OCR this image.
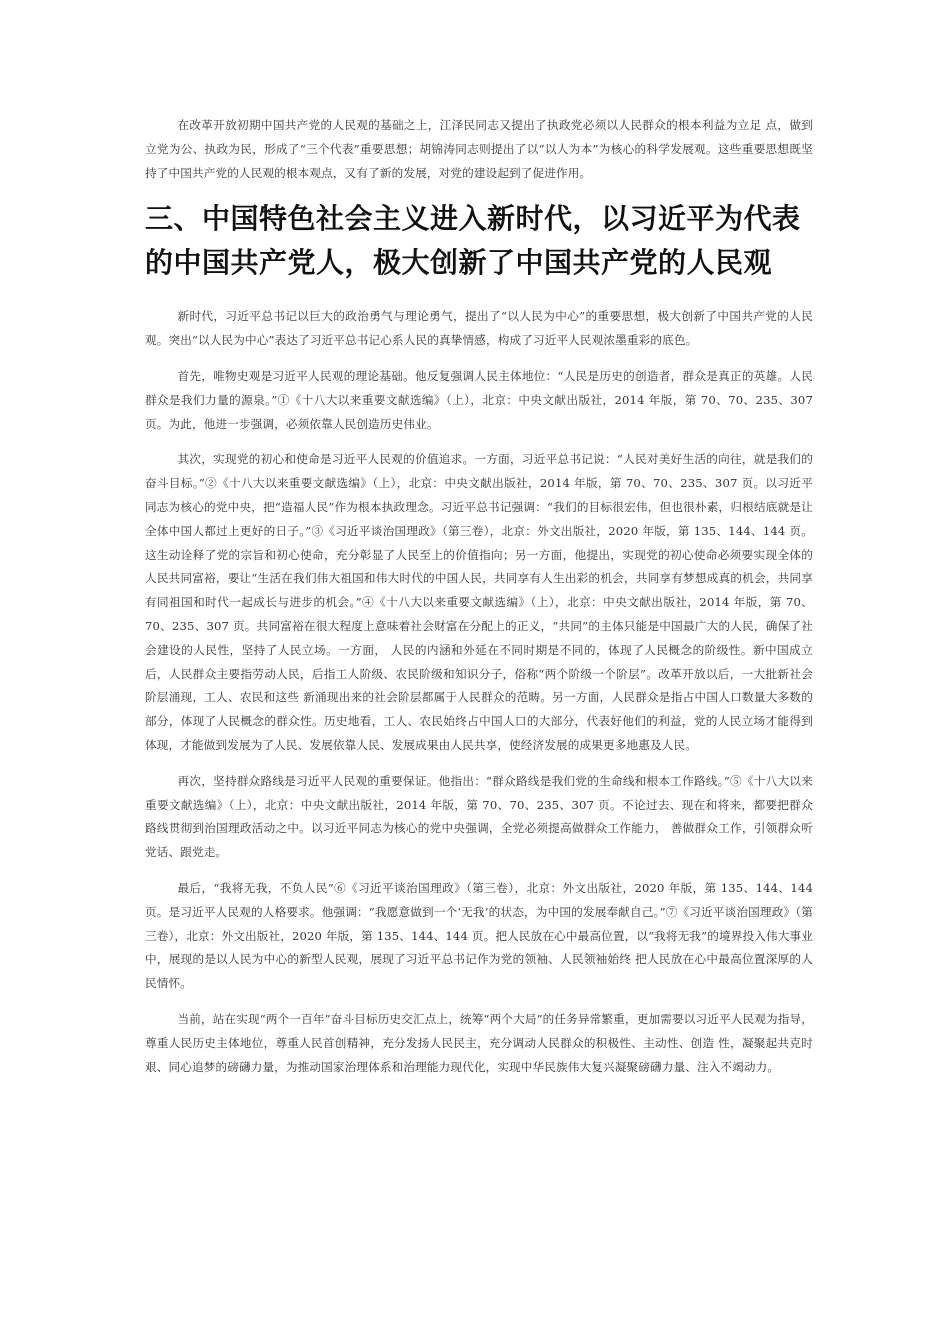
在改革开放初期中国共产党的人民观的基础之上，江泽民同志又提出了执政党必须以人民群众的根本利益为立足 点，做到立党为公、执政为民，形成了“三个代表”重要思想；胡锦涛同志则提出了以“以人为本”为核心的科学发展观。这些重要思想既坚持了中国共产党的人民观的根本观点，又有了新的发展，对党的建设起到了促进作用。

三、中国特色社会主义进入新时代，以习近平为代表的中国共产党人，极大创新了中国共产党的人民观

新时代，习近平总书记以巨大的政治勇气与理论勇气，提出了“以人民为中心”的重要思想，极大创新了中国共产党的人民观。突出“以人民为中心”表达了习近平总书记心系人民的真挚情感，构成了习近平人民观浓墨重彩的底色。

首先，唯物史观是习近平人民观的理论基础。他反复强调人民主体地位：“人民是历史的创造者，群众是真正的英雄。人民群众是我们力量的源泉。”①《十八大以来重要文献选编》（上），北京：中央文献出版社，2014 年版，第 70、70、235、307 页。为此，他进一步强调，必须依靠人民创造历史伟业。

其次，实现党的初心和使命是习近平人民观的价值追求。一方面，习近平总书记说：“人民对美好生活的向往，就是我们的奋斗目标。”②《十八大以来重要文献选编》（上），北京：中央文献出版社，2014 年版，第 70、70、235、307 页。以习近平同志为核心的党中央，把“造福人民”作为根本执政理念。习近平总书记强调：“我们的目标很宏伟，但也很朴素，归根结底就是让全体中国人都过上更好的日子。”③《习近平谈治国理政》（第三卷），北京：外文出版社，2020 年版，第 135、144、144 页。这生动诠释了党的宗旨和初心使命，充分彰显了人民至上的价值指向；另一方面，他提出，实现党的初心使命必须要实现全体的人民共同富裕，要让“生活在我们伟大祖国和伟大时代的中国人民，共同享有人生出彩的机会，共同享有梦想成真的机会，共同享有同祖国和时代一起成长与进步的机会。”④《十八大以来重要文献选编》（上），北京：中央文献出版社，2014 年版，第 70、70、235、307 页。共同富裕在很大程度上意味着社会财富在分配上的正义，“共同”的主体只能是中国最广大的人民，确保了社会建设的人民性，坚持了人民立场。一方面， 人民的内涵和外延在不同时期是不同的，体现了人民概念的阶级性。新中国成立后，人民群众主要指劳动人民，后指工人阶级、农民阶级和知识分子，俗称“两个阶级一个阶层”。改革开放以后，一大批新社会阶层涌现，工人、农民和这些 新涌现出来的社会阶层都属于人民群众的范畴。另一方面，人民群众是指占中国人口数量大多数的部分，体现了人民概念的群众性。历史地看，工人、农民始终占中国人口的大部分，代表好他们的利益，党的人民立场才能得到体现，才能做到发展为了人民、发展依靠人民、发展成果由人民共享，使经济发展的成果更多地惠及人民。

再次，坚持群众路线是习近平人民观的重要保证。他指出：“群众路线是我们党的生命线和根本工作路线。”⑤《十八大以来重要文献选编》（上），北京：中央文献出版社，2014 年版，第 70、70、235、307 页。不论过去、现在和将来，都要把群众路线贯彻到治国理政活动之中。以习近平同志为核心的党中央强调，全党必须提高做群众工作能力， 善做群众工作，引领群众听党话、跟党走。

最后，“我将无我，不负人民”⑥《习近平谈治国理政》（第三卷），北京：外文出版社，2020 年版，第 135、144、144 页。是习近平人民观的人格要求。他强调：“我愿意做到一个‘无我’的状态，为中国的发展奉献自己。”⑦《习近平谈治国理政》（第三卷），北京：外文出版社，2020 年版，第 135、144、144 页。把人民放在心中最高位置，以“我将无我”的境界投入伟大事业中，展现的是以人民为中心的新型人民观，展现了习近平总书记作为党的领袖、人民领袖始终 把人民放在心中最高位置深厚的人民情怀。

当前，站在实现“两个一百年”奋斗目标历史交汇点上，统筹“两个大局”的任务异常繁重，更加需要以习近平人民观为指导，尊重人民历史主体地位，尊重人民首创精神，充分发扬人民民主，充分调动人民群众的积极性、主动性、创造 性，凝聚起共克时艰、同心追梦的磅礴力量，为推动国家治理体系和治理能力现代化，实现中华民族伟大复兴凝聚磅礴力量、注入不竭动力。
